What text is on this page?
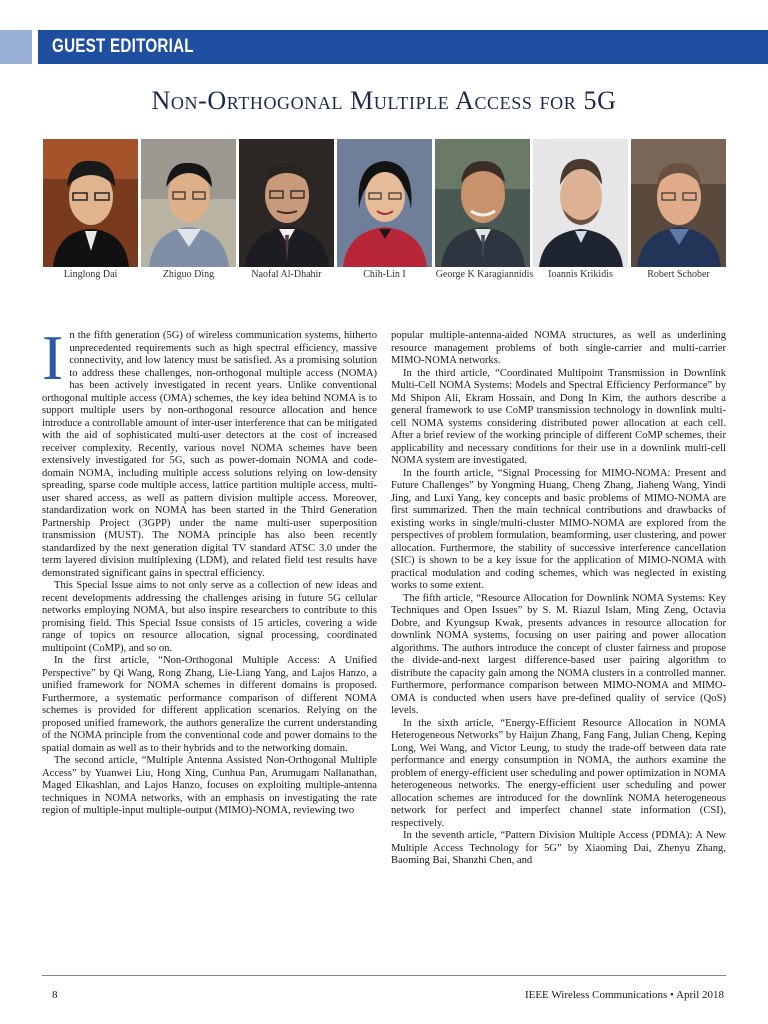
GUEST EDITORIAL
Non-Orthogonal Multiple Access for 5G
Linglong Dai	Zhiguo Ding	Naofal Al-Dhahir	Chih-Lin I	George K Karagiannidis	Ioannis Krikidis	Robert Schober

In the fifth generation (5G) of wireless communication systems, hitherto unprecedented requirements such as high spectral efficiency, massive connectivity, and low latency must be satisfied. As a promising solution to address these challenges, non-orthogonal multiple access (NOMA) has been actively investigated in recent years. Unlike conventional orthogonal multiple access (OMA) schemes, the key idea behind NOMA is to support multiple users by non-orthogonal resource allocation and hence introduce a controllable amount of inter-user interference that can be mitigated with the aid of sophisticated multi-user detectors at the cost of increased receiver complexity. Recently, various novel NOMA schemes have been extensively investigated for 5G, such as power-domain NOMA and code-domain NOMA, including multiple access solutions relying on low-density spreading, sparse code multiple access, lattice partition multiple access, multi-user shared access, as well as pattern division multiple access. Moreover, standardization work on NOMA has been started in the Third Generation Partnership Project (3GPP) under the name multi-user superposition transmission (MUST). The NOMA principle has also been recently standardized by the next generation digital TV standard ATSC 3.0 under the term layered division multiplexing (LDM), and related field test results have demonstrated significant gains in spectral efficiency.

This Special Issue aims to not only serve as a collection of new ideas and recent developments addressing the challenges arising in future 5G cellular networks employing NOMA, but also inspire researchers to contribute to this promising field. This Special Issue consists of 15 articles, covering a wide range of topics on resource allocation, signal processing, coordinated multipoint (CoMP), and so on.

In the first article, “Non-Orthogonal Multiple Access: A Unified Perspective” by Qi Wang, Rong Zhang, Lie-Liang Yang, and Lajos Hanzo, a unified framework for NOMA schemes in different domains is proposed. Furthermore, a systematic performance comparison of different NOMA schemes is provided for different application scenarios. Relying on the proposed unified framework, the authors generalize the current understanding of the NOMA principle from the conventional code and power domains to the spatial domain as well as to their hybrids and to the networking domain.

The second article, “Multiple Antenna Assisted Non-Orthogonal Multiple Access” by Yuanwei Liu, Hong Xing, Cunhua Pan, Arumugam Nallanathan, Maged Elkashlan, and Lajos Hanzo, focuses on exploiting multiple-antenna techniques in NOMA networks, with an emphasis on investigating the rate region of multiple-input multiple-output (MIMO)-NOMA, reviewing two

popular multiple-antenna-aided NOMA structures, as well as underlining resource management problems of both single-carrier and multi-carrier MIMO-NOMA networks.

In the third article, “Coordinated Multipoint Transmission in Downlink Multi-Cell NOMA Systems: Models and Spectral Efficiency Performance” by Md Shipon Ali, Ekram Hossain, and Dong In Kim, the authors describe a general framework to use CoMP transmission technology in downlink multi-cell NOMA systems considering distributed power allocation at each cell. After a brief review of the working principle of different CoMP schemes, their applicability and necessary conditions for their use in a downlink multi-cell NOMA system are investigated.

In the fourth article, “Signal Processing for MIMO-NOMA: Present and Future Challenges” by Yongming Huang, Cheng Zhang, Jiaheng Wang, Yindi Jing, and Luxi Yang, key concepts and basic problems of MIMO-NOMA are first summarized. Then the main technical contributions and drawbacks of existing works in single/multi-cluster MIMO-NOMA are explored from the perspectives of problem formulation, beamforming, user clustering, and power allocation. Furthermore, the stability of successive interference cancellation (SIC) is shown to be a key issue for the application of MIMO-NOMA with practical modulation and coding schemes, which was neglected in existing works to some extent.

The fifth article, “Resource Allocation for Downlink NOMA Systems: Key Techniques and Open Issues” by S. M. Riazul Islam, Ming Zeng, Octavia Dobre, and Kyungsup Kwak, presents advances in resource allocation for downlink NOMA systems, focusing on user pairing and power allocation algorithms. The authors introduce the concept of cluster fairness and propose the divide-and-next largest difference-based user pairing algorithm to distribute the capacity gain among the NOMA clusters in a controlled manner. Furthermore, performance comparison between MIMO-NOMA and MIMO-OMA is conducted when users have pre-defined quality of service (QoS) levels.

In the sixth article, “Energy-Efficient Resource Allocation in NOMA Heterogeneous Networks” by Haijun Zhang, Fang Fang, Julian Cheng, Keping Long, Wei Wang, and Victor Leung, to study the trade-off between data rate performance and energy consumption in NOMA, the authors examine the problem of energy-efficient user scheduling and power optimization in NOMA heterogeneous networks. The energy-efficient user scheduling and power allocation schemes are introduced for the downlink NOMA heterogeneous network for perfect and imperfect channel state information (CSI), respectively.

In the seventh article, “Pattern Division Multiple Access (PDMA): A New Multiple Access Technology for 5G” by Xiaoming Dai, Zhenyu Zhang, Baoming Bai, Shanzhi Chen, and

8	IEEE Wireless Communications • April 2018
